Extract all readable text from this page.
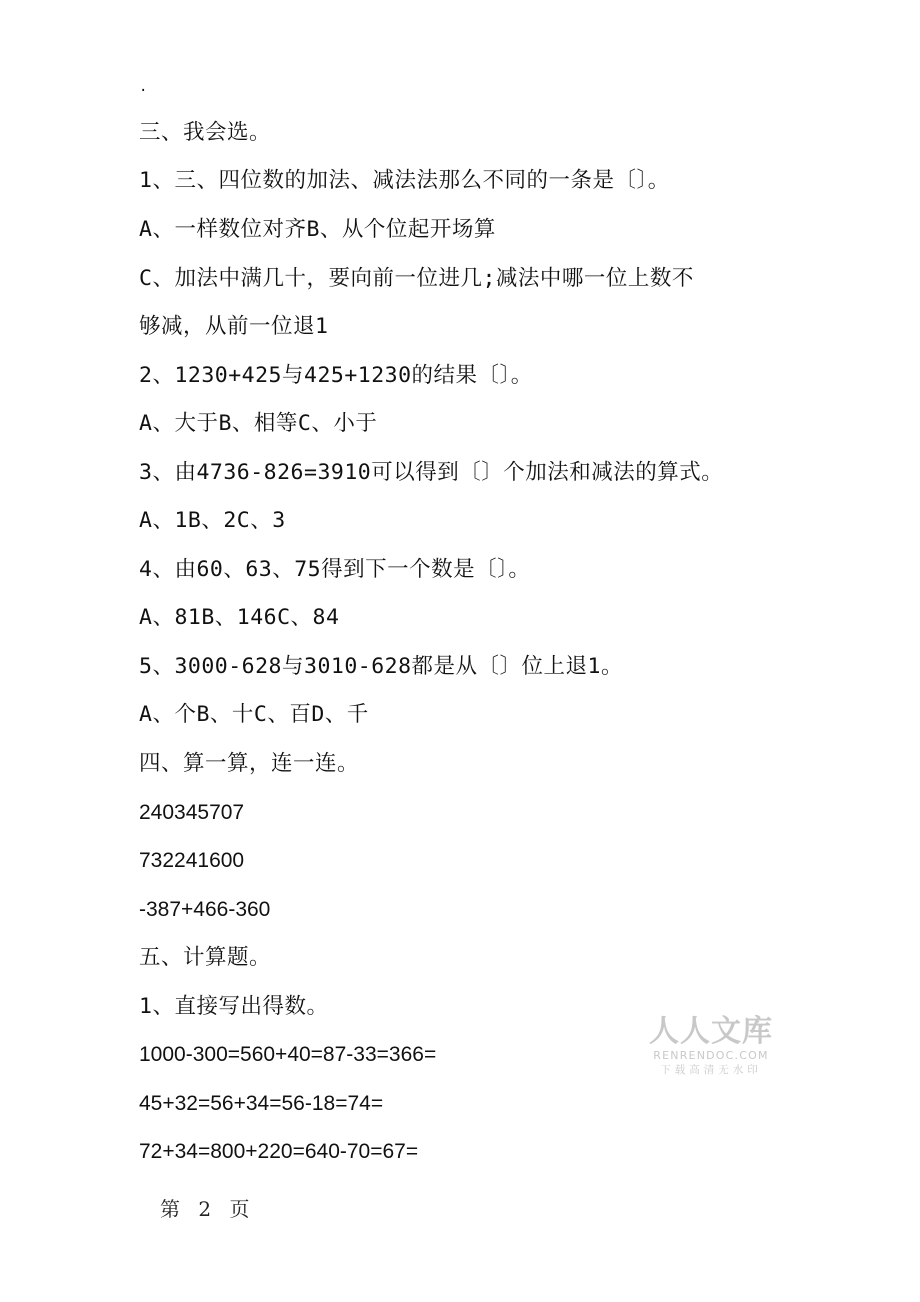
.
三、我会选。
1、三、四位数的加法、减法法那么不同的一条是〔〕。
A、一样数位对齐B、从个位起开场算
C、加法中满几十，要向前一位进几;减法中哪一位上数不
够减，从前一位退1
2、1230+425与425+1230的结果〔〕。
A、大于B、相等C、小于
3、由4736-826=3910可以得到〔〕个加法和减法的算式。
A、1B、2C、3
4、由60、63、75得到下一个数是〔〕。
A、81B、146C、84
5、3000-628与3010-628都是从〔〕位上退1。
A、个B、十C、百D、千
四、算一算，连一连。
240345707
732241600
-387+466-360
五、计算题。
1、直接写出得数。
1000-300=560+40=87-33=366=
45+32=56+34=56-18=74=
72+34=800+220=640-70=67=
第 2 页
人人文库
RENRENDOC.COM
下载高清无水印
